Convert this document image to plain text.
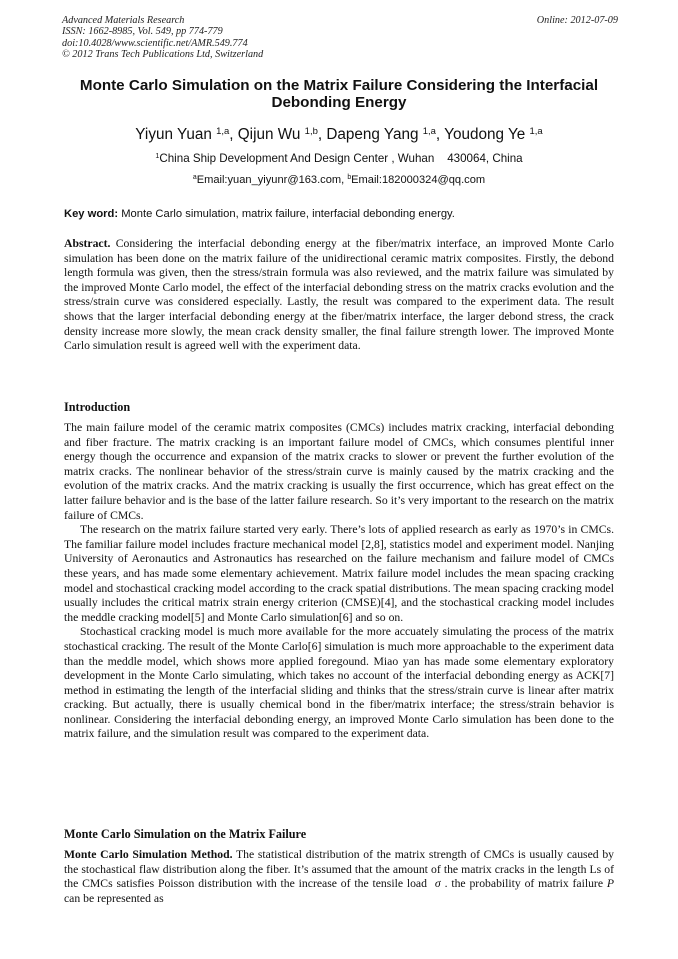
Advanced Materials Research
ISSN: 1662-8985, Vol. 549, pp 774-779
doi:10.4028/www.scientific.net/AMR.549.774
© 2012 Trans Tech Publications Ltd, Switzerland
Online: 2012-07-09
Monte Carlo Simulation on the Matrix Failure Considering the Interfacial Debonding Energy
Yiyun Yuan $^{1,a}$, Qijun Wu $^{1,b}$, Dapeng Yang $^{1,a}$, Youdong Ye $^{1,a}$
$^1$China Ship Development And Design Center , Wuhan    430064, China
$^a$Email:yuan_yiyunr@163.com, $^b$Email:182000324@qq.com
Key word: Monte Carlo simulation, matrix failure, interfacial debonding energy.
Abstract. Considering the interfacial debonding energy at the fiber/matrix interface, an improved Monte Carlo simulation has been done on the matrix failure of the unidirectional ceramic matrix composites. Firstly, the debond length formula was given, then the stress/strain formula was also reviewed, and the matrix failure was simulated by the improved Monte Carlo model, the effect of the interfacial debonding stress on the matrix cracks evolution and the stress/strain curve was considered especially. Lastly, the result was compared to the experiment data. The result shows that the larger interfacial debonding energy at the fiber/matrix interface, the larger debond stress, the crack density increase more slowly, the mean crack density smaller, the final failure strength lower. The improved Monte Carlo simulation result is agreed well with the experiment data.
Introduction

The main failure model of the ceramic matrix composites (CMCs) includes matrix cracking, interfacial debonding and fiber fracture. The matrix cracking is an important failure model of CMCs, which consumes plentiful inner energy though the occurrence and expansion of the matrix cracks to slower or prevent the further evolution of the matrix cracks. The nonlinear behavior of the stress/strain curve is mainly caused by the matrix cracking and the evolution of the matrix cracks. And the matrix cracking is usually the first occurrence, which has great effect on the latter failure behavior and is the base of the latter failure research. So it’s very important to the research on the matrix failure of CMCs.

The research on the matrix failure started very early. There’s lots of applied research as early as 1970’s in CMCs. The familiar failure model includes fracture mechanical model [2,8], statistics model and experiment model. Nanjing University of Aeronautics and Astronautics has researched on the failure mechanism and failure model of CMCs these years, and has made some elementary achievement. Matrix failure model includes the mean spacing cracking model and stochastical cracking model according to the crack spatial distributions. The mean spacing cracking model usually includes the critical matrix strain energy criterion (CMSE)[4], and the stochastical cracking model includes the meddle cracking model[5] and Monte Carlo simulation[6] and so on.

Stochastical cracking model is much more available for the more accuately simulating the process of the matrix stochastical cracking. The result of the Monte Carlo[6] simulation is much more approachable to the experiment data than the meddle model, which shows more applied foregound. Miao yan has made some elementary exploratory development in the Monte Carlo simulating, which takes no account of the interfacial debonding energy as ACK[7] method in estimating the length of the interfacial sliding and thinks that the stress/strain curve is linear after matrix cracking. But actually, there is usually chemical bond in the fiber/matrix interface; the stress/strain behavior is nonlinear. Considering the interfacial debonding energy, an improved Monte Carlo simulation has been done to the matrix failure, and the simulation result was compared to the experiment data.

Monte Carlo Simulation on the Matrix Failure
Monte Carlo Simulation Method. The statistical distribution of the matrix strength of CMCs is usually caused by the stochastical flaw distribution along the fiber. It’s assumed that the amount of the matrix cracks in the length Ls of the CMCs satisfies Poisson distribution with the increase of the tensile load σ . the probability of matrix failure P can be represented as
